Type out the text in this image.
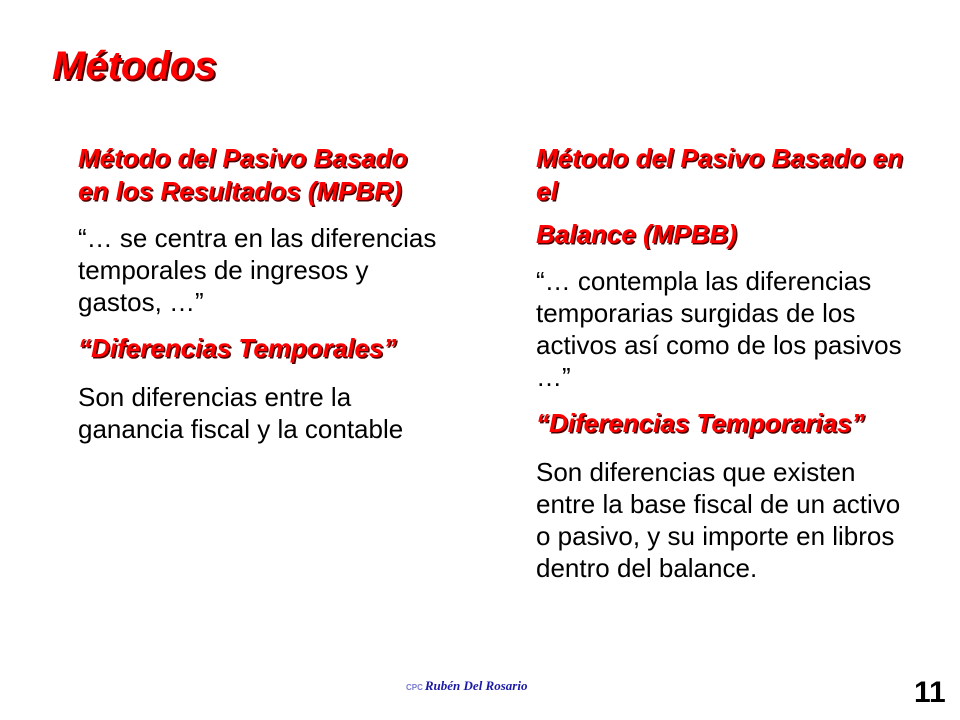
Métodos

Método del Pasivo Basado en los Resultados (MPBR)

“… se centra en las diferencias temporales de ingresos y gastos, …”

“Diferencias Temporales”

Son diferencias entre la ganancia fiscal y la contable

Método del Pasivo Basado en el

Balance (MPBB)

“… contempla las diferencias temporarias surgidas de los activos así como de los pasivos …”

“Diferencias Temporarias”

Son diferencias que existen entre la base fiscal de un activo o pasivo, y su importe en libros dentro del balance.

CPC Rubén Del Rosario	11
